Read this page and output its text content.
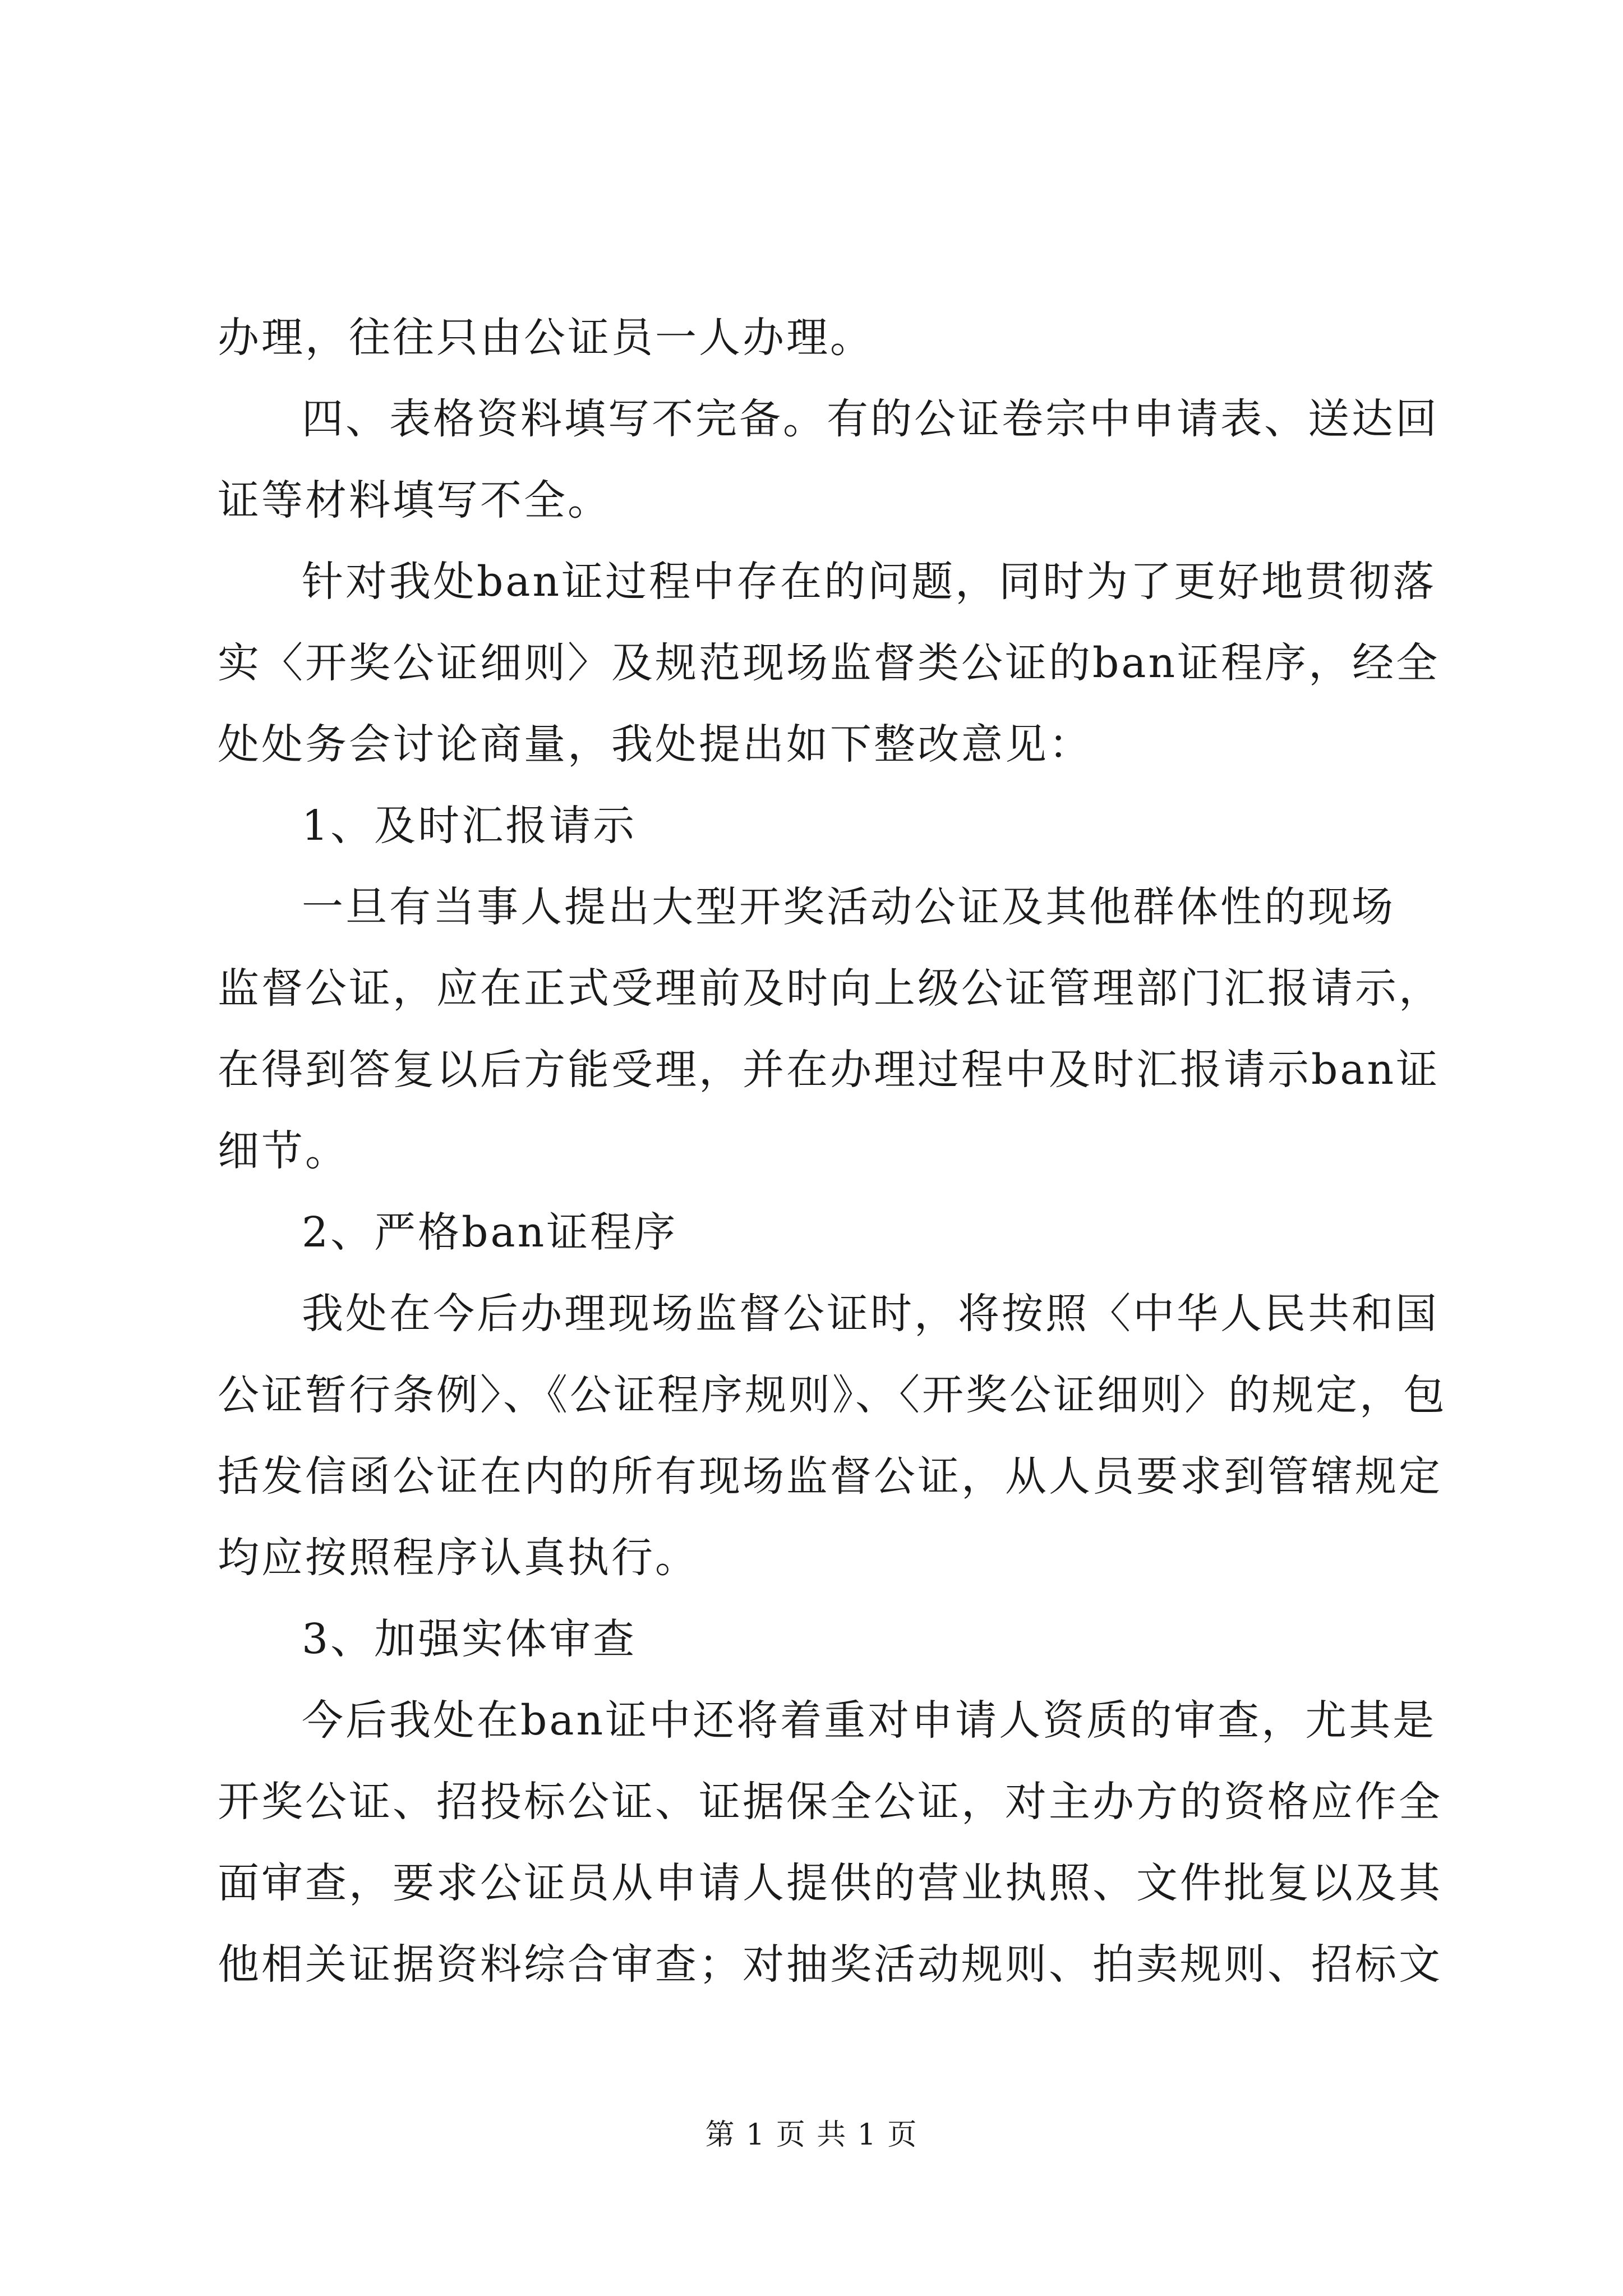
办理，往往只由公证员一人办理。
四、表格资料填写不完备。有的公证卷宗中申请表、送达回
证等材料填写不全。
针对我处ban证过程中存在的问题，同时为了更好地贯彻落
实〈开奖公证细则〉及规范现场监督类公证的ban证程序，经全
处处务会讨论商量，我处提出如下整改意见：
1、及时汇报请示
一旦有当事人提出大型开奖活动公证及其他群体性的现场
监督公证，应在正式受理前及时向上级公证管理部门汇报请示，
在得到答复以后方能受理，并在办理过程中及时汇报请示ban证
细节。
2、严格ban证程序
我处在今后办理现场监督公证时，将按照〈中华人民共和国
公证暂行条例〉、《公证程序规则》、〈开奖公证细则〉的规定，包
括发信函公证在内的所有现场监督公证，从人员要求到管辖规定
均应按照程序认真执行。
3、加强实体审查
今后我处在ban证中还将着重对申请人资质的审查，尤其是
开奖公证、招投标公证、证据保全公证，对主办方的资格应作全
面审查，要求公证员从申请人提供的营业执照、文件批复以及其
他相关证据资料综合审查；对抽奖活动规则、拍卖规则、招标文
第 1 页 共 1 页
